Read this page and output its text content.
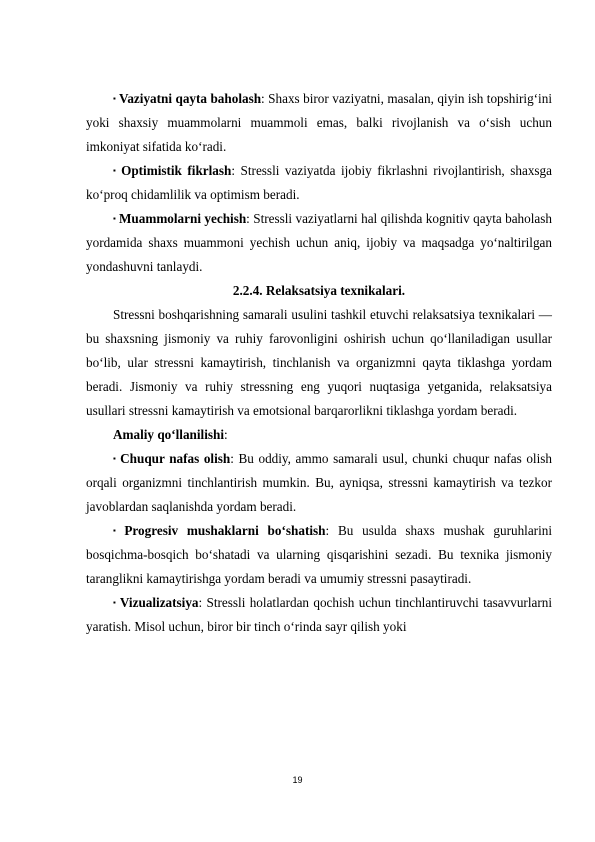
▪ Vaziyatni qayta baholash: Shaxs biror vaziyatni, masalan, qiyin ish topshirig‘ini yoki shaxsiy muammolarni muammoli emas, balki rivojlanish va o‘sish uchun imkoniyat sifatida ko‘radi.

▪ Optimistik fikrlash: Stressli vaziyatda ijobiy fikrlashni rivojlantirish, shaxsga ko‘proq chidamlilik va optimism beradi.

▪ Muammolarni yechish: Stressli vaziyatlarni hal qilishda kognitiv qayta baholash yordamida shaxs muammoni yechish uchun aniq, ijobiy va maqsadga yo‘naltirilgan yondashuvni tanlaydi.

2.2.4. Relaksatsiya texnikalari.

Stressni boshqarishning samarali usulini tashkil etuvchi relaksatsiya texnikalari — bu shaxsning jismoniy va ruhiy farovonligini oshirish uchun qo‘llaniladigan usullar bo‘lib, ular stressni kamaytirish, tinchlanish va organizmni qayta tiklashga yordam beradi. Jismoniy va ruhiy stressning eng yuqori nuqtasiga yetganida, relaksatsiya usullari stressni kamaytirish va emotsional barqarorlikni tiklashga yordam beradi.

Amaliy qo‘llanilishi:

▪ Chuqur nafas olish: Bu oddiy, ammo samarali usul, chunki chuqur nafas olish orqali organizmni tinchlantirish mumkin. Bu, ayniqsa, stressni kamaytirish va tezkor javoblardan saqlanishda yordam beradi.

▪ Progresiv mushaklarni bo‘shatish: Bu usulda shaxs mushak guruhlarini bosqichma-bosqich bo‘shatadi va ularning qisqarishini sezadi. Bu texnika jismoniy taranglikni kamaytirishga yordam beradi va umumiy stressni pasaytiradi.

▪ Vizualizatsiya: Stressli holatlardan qochish uchun tinchlantiruvchi tasavvurlarni yaratish. Misol uchun, biror bir tinch o‘rinda sayr qilish yoki

19
